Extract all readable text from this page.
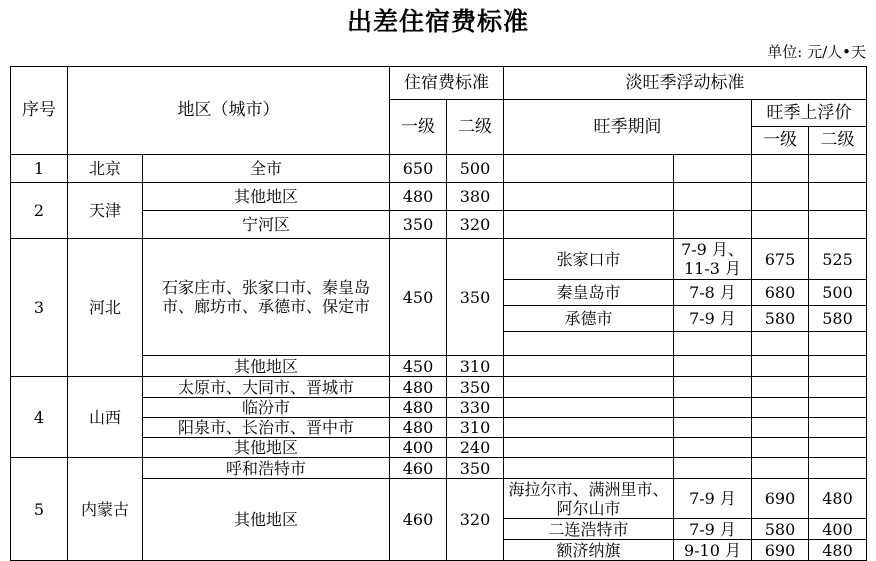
出差住宿费标准
单位: 元/人•天
序号	地区（城市）		住宿费标准		淡旺季浮动标准			
			一级	二级	旺季期间		旺季上浮价	
							一级	二级
1	北京	全市	650	500				
2	天津	其他地区	480	380				
		宁河区	350	320				
3	河北	石家庄市、张家口市、秦皇岛市、廊坊市、承德市、保定市	450	350	张家口市	7-9 月、11-3 月	675	525
					秦皇岛市	7-8 月	680	500
					承德市	7-9 月	580	580

		其他地区	450	310				
4	山西	太原市、大同市、晋城市	480	350				
		临汾市	480	330				
		阳泉市、长治市、晋中市	480	310				
		其他地区	400	240				
5	内蒙古	呼和浩特市	460	350				
		其他地区	460	320	海拉尔市、满洲里市、阿尔山市	7-9 月	690	480
					二连浩特市	7-9 月	580	400
					额济纳旗	9-10 月	690	480
